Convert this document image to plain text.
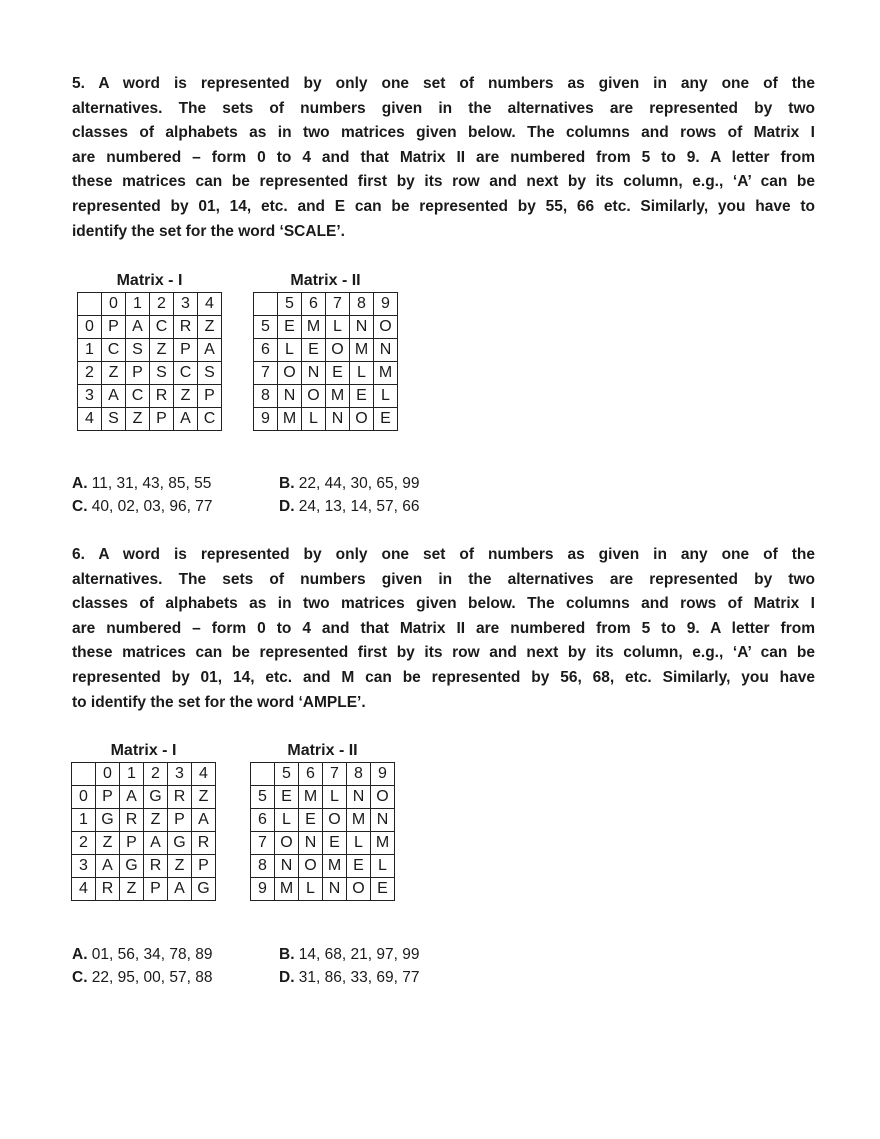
5. A word is represented by only one set of numbers as given in any one of the
alternatives. The sets of numbers given in the alternatives are represented by two
classes of alphabets as in two matrices given below. The columns and rows of Matrix I
are numbered – form 0 to 4 and that Matrix II are numbered from 5 to 9. A letter from
these matrices can be represented first by its row and next by its column, e.g., ‘A’ can be
represented by 01, 14, etc. and E can be represented by 55, 66 etc. Similarly, you have to
identify the set for the word ‘SCALE’.
Matrix - I
	0	1	2	3	4
0	P	A	C	R	Z
1	C	S	Z	P	A
2	Z	P	S	C	S
3	A	C	R	Z	P
4	S	Z	P	A	C
Matrix - II
	5	6	7	8	9
5	E	M	L	N	O
6	L	E	O	M	N
7	O	N	E	L	M
8	N	O	M	E	L
9	M	L	N	O	E
A. 11, 31, 43, 85, 55	B. 22, 44, 30, 65, 99
C. 40, 02, 03, 96, 77	D. 24, 13, 14, 57, 66
6. A word is represented by only one set of numbers as given in any one of the
alternatives. The sets of numbers given in the alternatives are represented by two
classes of alphabets as in two matrices given below. The columns and rows of Matrix I
are numbered – form 0 to 4 and that Matrix II are numbered from 5 to 9. A letter from
these matrices can be represented first by its row and next by its column, e.g., ‘A’ can be
represented by 01, 14, etc. and M can be represented by 56, 68, etc. Similarly, you have
to identify the set for the word ‘AMPLE’.
Matrix - I
	0	1	2	3	4
0	P	A	G	R	Z
1	G	R	Z	P	A
2	Z	P	A	G	R
3	A	G	R	Z	P
4	R	Z	P	A	G
Matrix - II
	5	6	7	8	9
5	E	M	L	N	O
6	L	E	O	M	N
7	O	N	E	L	M
8	N	O	M	E	L
9	M	L	N	O	E
A. 01, 56, 34, 78, 89	B. 14, 68, 21, 97, 99
C. 22, 95, 00, 57, 88	D. 31, 86, 33, 69, 77
